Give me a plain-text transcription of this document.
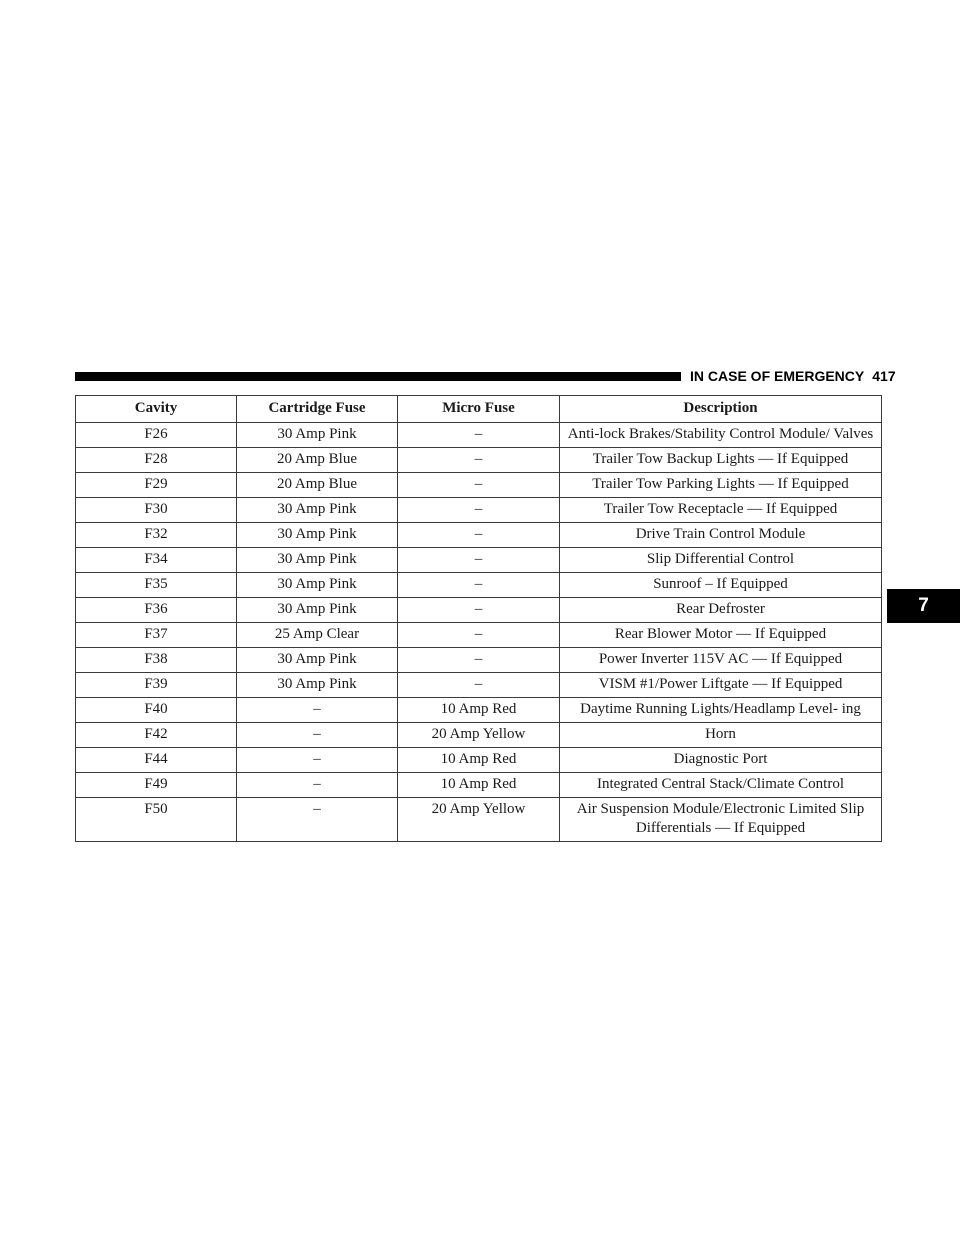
IN CASE OF EMERGENCY 417
7
Cavity	Cartridge Fuse	Micro Fuse	Description
F26	30 Amp Pink	–	Anti-lock Brakes/Stability Control Module/ Valves
F28	20 Amp Blue	–	Trailer Tow Backup Lights — If Equipped
F29	20 Amp Blue	–	Trailer Tow Parking Lights — If Equipped
F30	30 Amp Pink	–	Trailer Tow Receptacle — If Equipped
F32	30 Amp Pink	–	Drive Train Control Module
F34	30 Amp Pink	–	Slip Differential Control
F35	30 Amp Pink	–	Sunroof – If Equipped
F36	30 Amp Pink	–	Rear Defroster
F37	25 Amp Clear	–	Rear Blower Motor — If Equipped
F38	30 Amp Pink	–	Power Inverter 115V AC — If Equipped
F39	30 Amp Pink	–	VISM #1/Power Liftgate — If Equipped
F40	–	10 Amp Red	Daytime Running Lights/Headlamp Level- ing
F42	–	20 Amp Yellow	Horn
F44	–	10 Amp Red	Diagnostic Port
F49	–	10 Amp Red	Integrated Central Stack/Climate Control
F50	–	20 Amp Yellow	Air Suspension Module/Electronic Limited Slip Differentials — If Equipped
